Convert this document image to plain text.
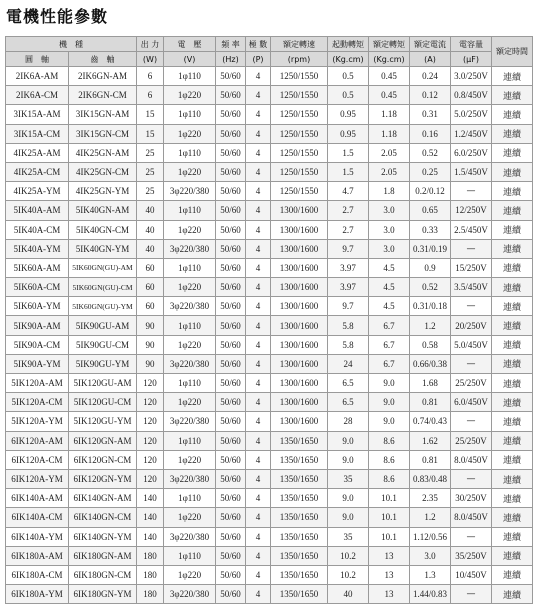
電機性能參數
機　種		出 力	電　壓	頻 率	極 數	額定轉速	起動轉矩	額定轉矩	額定電流	電容量	額定時間
圓　軸	齒　軸	(W)	(V)	(Hz)	(P)	(rpm)	(Kg.cm)	(Kg.cm)	(A)	(μF)	
2IK6A-AM	2IK6GN-AM	6	1φ110	50/60	4	1250/1550	0.5	0.45	0.24	3.0/250V	連續
2IK6A-CM	2IK6GN-CM	6	1φ220	50/60	4	1250/1550	0.5	0.45	0.12	0.8/450V	連續
3IK15A-AM	3IK15GN-AM	15	1φ110	50/60	4	1250/1550	0.95	1.18	0.31	5.0/250V	連續
3IK15A-CM	3IK15GN-CM	15	1φ220	50/60	4	1250/1550	0.95	1.18	0.16	1.2/450V	連續
4IK25A-AM	4IK25GN-AM	25	1φ110	50/60	4	1250/1550	1.5	2.05	0.52	6.0/250V	連續
4IK25A-CM	4IK25GN-CM	25	1φ220	50/60	4	1250/1550	1.5	2.05	0.25	1.5/450V	連續
4IK25A-YM	4IK25GN-YM	25	3φ220/380	50/60	4	1250/1550	4.7	1.8	0.2/0.12	—	連續
5IK40A-AM	5IK40GN-AM	40	1φ110	50/60	4	1300/1600	2.7	3.0	0.65	12/250V	連續
5IK40A-CM	5IK40GN-CM	40	1φ220	50/60	4	1300/1600	2.7	3.0	0.33	2.5/450V	連續
5IK40A-YM	5IK40GN-YM	40	3φ220/380	50/60	4	1300/1600	9.7	3.0	0.31/0.19	—	連續
5IK60A-AM	5IK60GN(GU)-AM	60	1φ110	50/60	4	1300/1600	3.97	4.5	0.9	15/250V	連續
5IK60A-CM	5IK60GN(GU)-CM	60	1φ220	50/60	4	1300/1600	3.97	4.5	0.52	3.5/450V	連續
5IK60A-YM	5IK60GN(GU)-YM	60	3φ220/380	50/60	4	1300/1600	9.7	4.5	0.31/0.18	—	連續
5IK90A-AM	5IK90GU-AM	90	1φ110	50/60	4	1300/1600	5.8	6.7	1.2	20/250V	連續
5IK90A-CM	5IK90GU-CM	90	1φ220	50/60	4	1300/1600	5.8	6.7	0.58	5.0/450V	連續
5IK90A-YM	5IK90GU-YM	90	3φ220/380	50/60	4	1300/1600	24	6.7	0.66/0.38	—	連續
5IK120A-AM	5IK120GU-AM	120	1φ110	50/60	4	1300/1600	6.5	9.0	1.68	25/250V	連續
5IK120A-CM	5IK120GU-CM	120	1φ220	50/60	4	1300/1600	6.5	9.0	0.81	6.0/450V	連續
5IK120A-YM	5IK120GU-YM	120	3φ220/380	50/60	4	1300/1600	28	9.0	0.74/0.43	—	連續
6IK120A-AM	6IK120GN-AM	120	1φ110	50/60	4	1350/1650	9.0	8.6	1.62	25/250V	連續
6IK120A-CM	6IK120GN-CM	120	1φ220	50/60	4	1350/1650	9.0	8.6	0.81	8.0/450V	連續
6IK120A-YM	6IK120GN-YM	120	3φ220/380	50/60	4	1350/1650	35	8.6	0.83/0.48	—	連續
6IK140A-AM	6IK140GN-AM	140	1φ110	50/60	4	1350/1650	9.0	10.1	2.35	30/250V	連續
6IK140A-CM	6IK140GN-CM	140	1φ220	50/60	4	1350/1650	9.0	10.1	1.2	8.0/450V	連續
6IK140A-YM	6IK140GN-YM	140	3φ220/380	50/60	4	1350/1650	35	10.1	1.12/0.56	—	連續
6IK180A-AM	6IK180GN-AM	180	1φ110	50/60	4	1350/1650	10.2	13	3.0	35/250V	連續
6IK180A-CM	6IK180GN-CM	180	1φ220	50/60	4	1350/1650	10.2	13	1.3	10/450V	連續
6IK180A-YM	6IK180GN-YM	180	3φ220/380	50/60	4	1350/1650	40	13	1.44/0.83	—	連續
